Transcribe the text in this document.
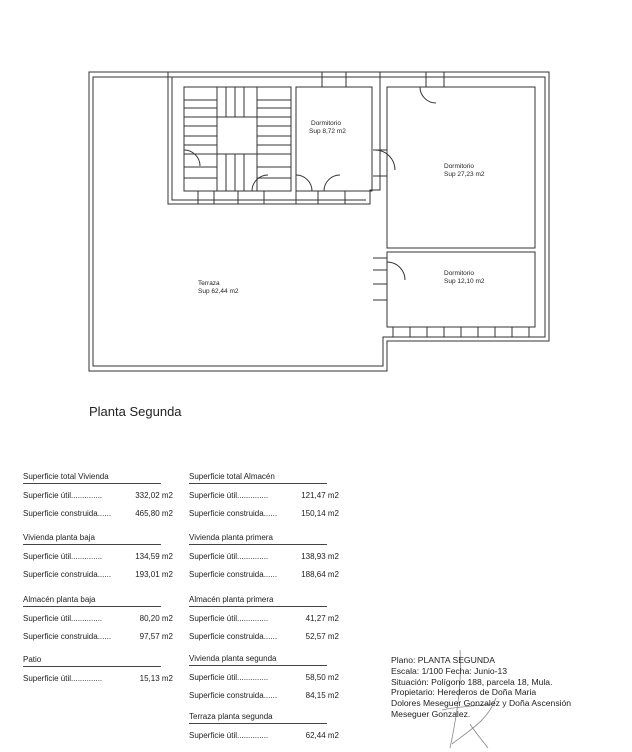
Dormitorio
Sup 8,72 m2
Dormitorio
Sup 27,23 m2
Dormitorio
Sup 12,10 m2
Terraza
Sup 62,44 m2
Planta Segunda
Superficie total Vivienda
Superficie útil..............	332,02 m2
Superficie construida......	465,80 m2
Vivienda planta baja
Superficie útil..............	134,59 m2
Superficie construida......	193,01 m2
Almacén planta baja
Superficie útil..............	80,20 m2
Superficie construida......	97,57 m2
Patio
Superficie útil..............	15,13 m2
Superficie total Almacén
Superficie útil..............	121,47 m2
Superficie construida......	150,14 m2
Vivienda planta primera
Superficie útil..............	138,93 m2
Superficie construida......	188,64 m2
Almacén planta primera
Superficie útil..............	41,27 m2
Superficie construida......	52,57 m2
Vivienda planta segunda
Superficie útil..............	58,50 m2
Superficie construida......	84,15 m2
Terraza planta segunda
Superficie útil..............	62,44 m2
Plano: PLANTA SEGUNDA
Escala: 1/100 Fecha: Junio-13
Situación: Polígono 188, parcela 18, Mula.
Propietario: Herederos de Doña Maria
Dolores Meseguer Gonzalez y Doña Ascensión
Meseguer Gonzalez.
